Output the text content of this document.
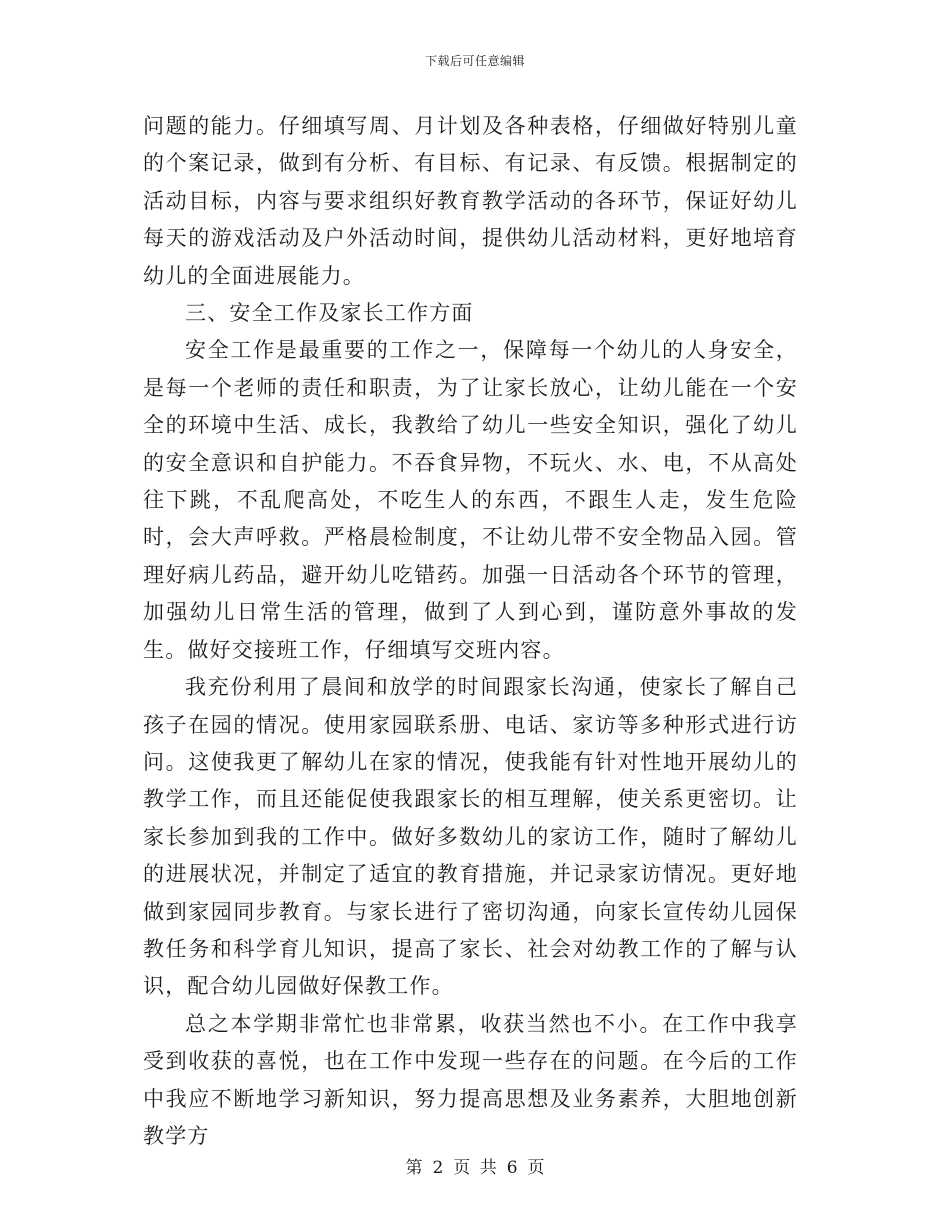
下载后可任意编辑

问题的能力。仔细填写周、月计划及各种表格，仔细做好特别儿童的个案记录，做到有分析、有目标、有记录、有反馈。根据制定的活动目标，内容与要求组织好教育教学活动的各环节，保证好幼儿每天的游戏活动及户外活动时间，提供幼儿活动材料，更好地培育幼儿的全面进展能力。

三、安全工作及家长工作方面

安全工作是最重要的工作之一，保障每一个幼儿的人身安全，是每一个老师的责任和职责，为了让家长放心，让幼儿能在一个安全的环境中生活、成长，我教给了幼儿一些安全知识，强化了幼儿的安全意识和自护能力。不吞食异物，不玩火、水、电，不从高处往下跳，不乱爬高处，不吃生人的东西，不跟生人走，发生危险时，会大声呼救。严格晨检制度，不让幼儿带不安全物品入园。管理好病儿药品，避开幼儿吃错药。加强一日活动各个环节的管理，加强幼儿日常生活的管理，做到了人到心到，谨防意外事故的发生。做好交接班工作，仔细填写交班内容。

我充份利用了晨间和放学的时间跟家长沟通，使家长了解自己孩子在园的情况。使用家园联系册、电话、家访等多种形式进行访问。这使我更了解幼儿在家的情况，使我能有针对性地开展幼儿的教学工作，而且还能促使我跟家长的相互理解，使关系更密切。让家长参加到我的工作中。做好多数幼儿的家访工作，随时了解幼儿的进展状况，并制定了适宜的教育措施，并记录家访情况。更好地做到家园同步教育。与家长进行了密切沟通，向家长宣传幼儿园保教任务和科学育儿知识，提高了家长、社会对幼教工作的了解与认识，配合幼儿园做好保教工作。

总之本学期非常忙也非常累，收获当然也不小。在工作中我享受到收获的喜悦，也在工作中发现一些存在的问题。在今后的工作中我应不断地学习新知识，努力提高思想及业务素养，大胆地创新教学方

第 2 页 共 6 页
